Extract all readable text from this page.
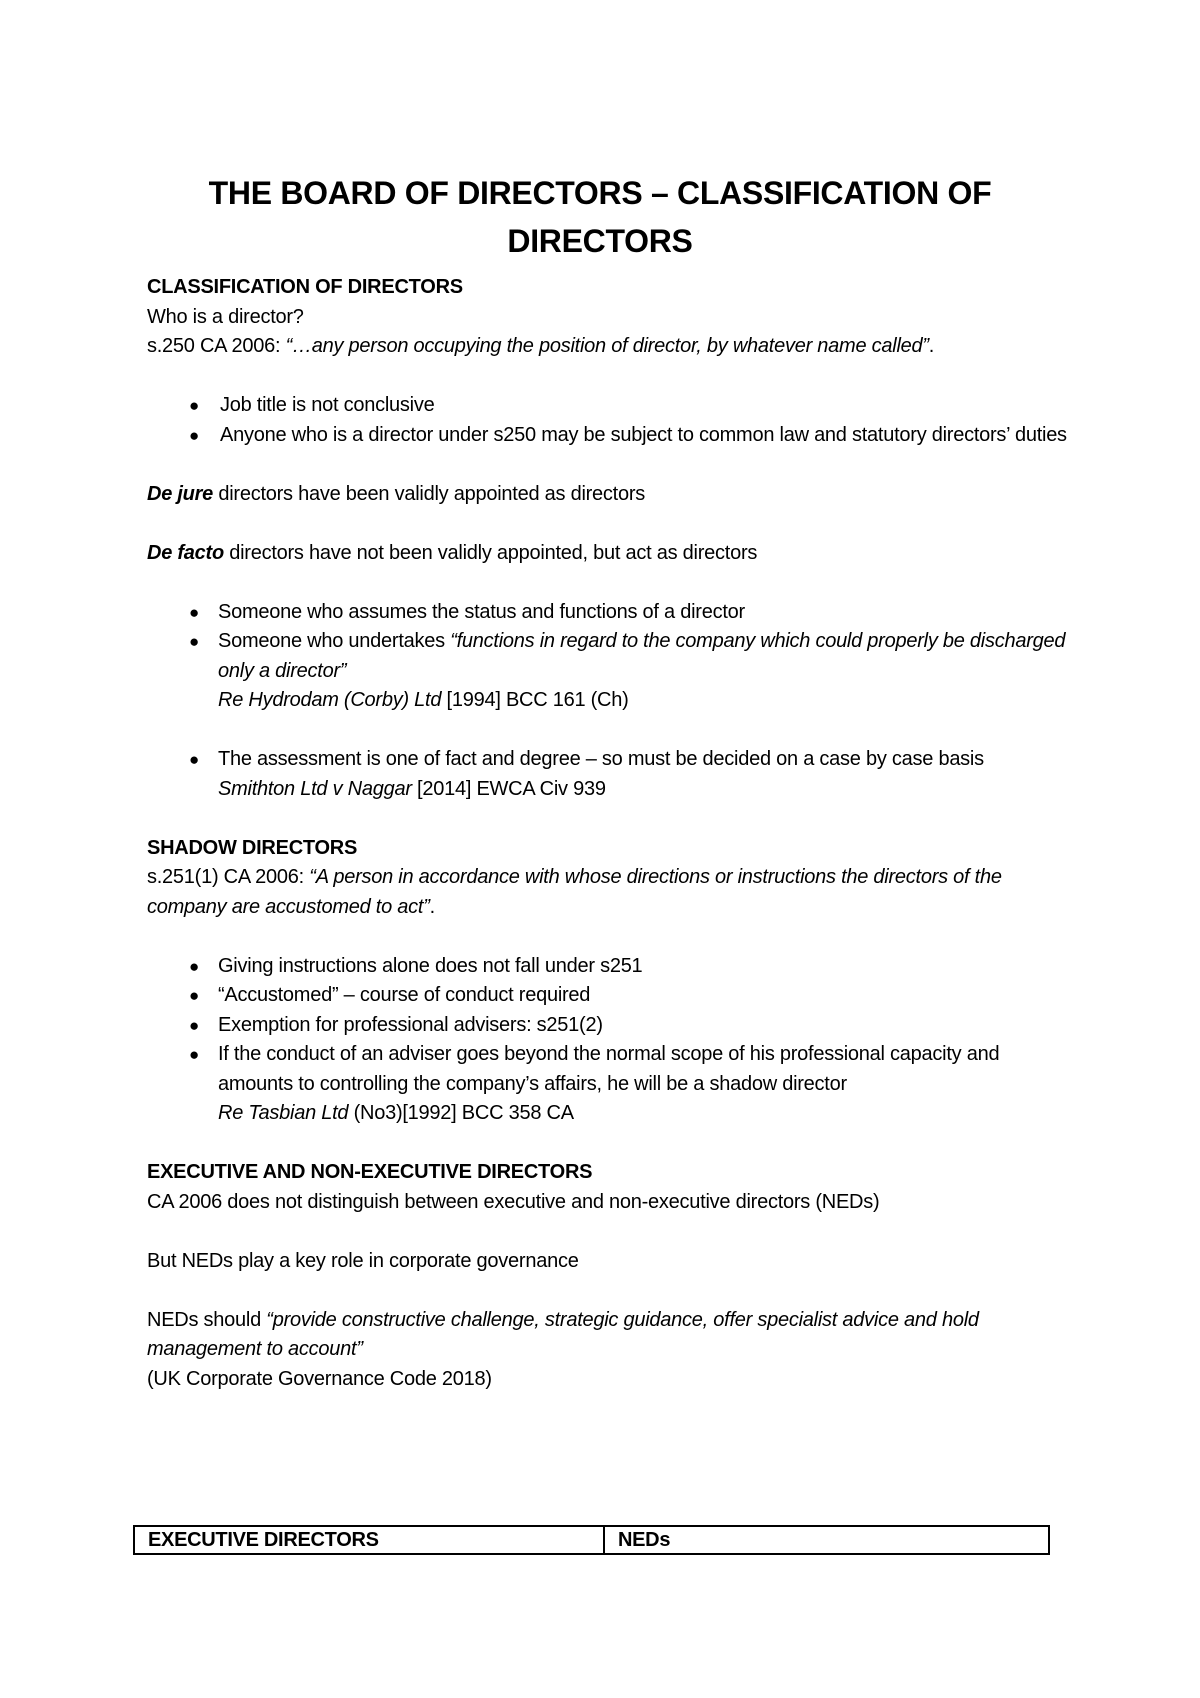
THE BOARD OF DIRECTORS – CLASSIFICATION OF DIRECTORS

CLASSIFICATION OF DIRECTORS

Who is a director?

s.250 CA 2006: “…any person occupying the position of director, by whatever name called”.

● Job title is not conclusive
● Anyone who is a director under s250 may be subject to common law and statutory directors’ duties

De jure directors have been validly appointed as directors

De facto directors have not been validly appointed, but act as directors

● Someone who assumes the status and functions of a director
● Someone who undertakes “functions in regard to the company which could properly be discharged only a director”
Re Hydrodam (Corby) Ltd [1994] BCC 161 (Ch)
● The assessment is one of fact and degree – so must be decided on a case by case basis
Smithton Ltd v Naggar [2014] EWCA Civ 939

SHADOW DIRECTORS

s.251(1) CA 2006: “A person in accordance with whose directions or instructions the directors of the company are accustomed to act”.

● Giving instructions alone does not fall under s251
● “Accustomed” – course of conduct required
● Exemption for professional advisers: s251(2)
● If the conduct of an adviser goes beyond the normal scope of his professional capacity and amounts to controlling the company’s affairs, he will be a shadow director
Re Tasbian Ltd (No3)[1992] BCC 358 CA

EXECUTIVE AND NON-EXECUTIVE DIRECTORS

CA 2006 does not distinguish between executive and non-executive directors (NEDs)

But NEDs play a key role in corporate governance

NEDs should “provide constructive challenge, strategic guidance, offer specialist advice and hold management to account”

(UK Corporate Governance Code 2018)

EXECUTIVE DIRECTORS	NEDs
